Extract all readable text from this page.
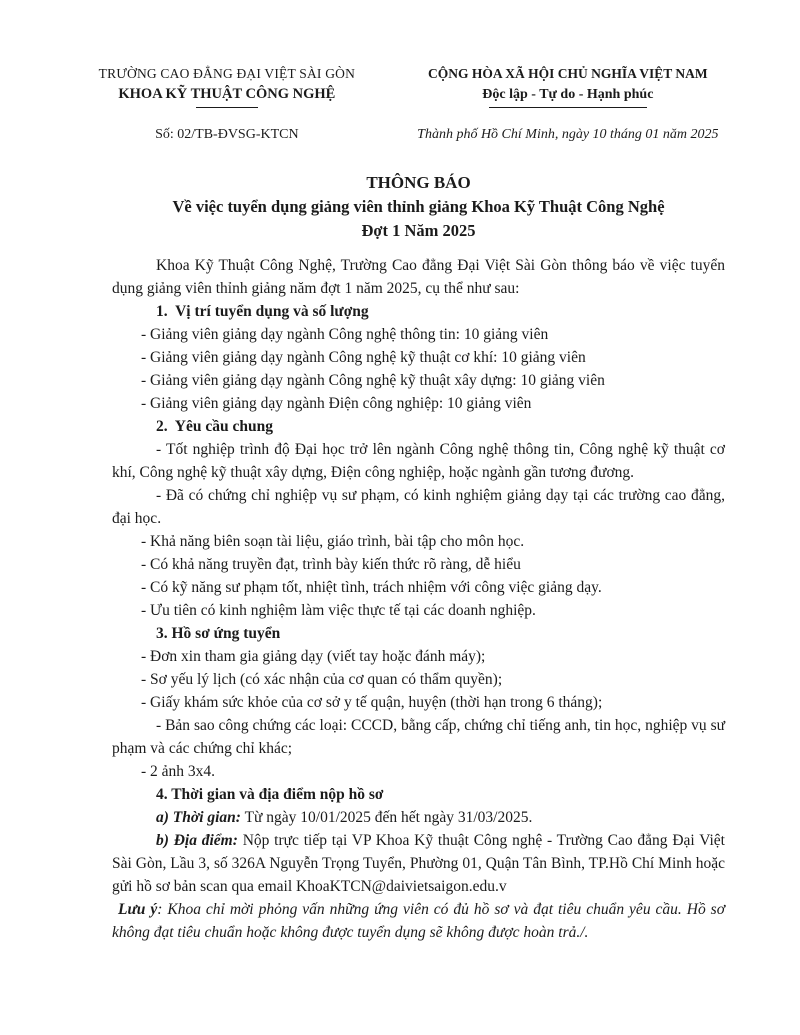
TRƯỜNG CAO ĐẲNG ĐẠI VIỆT SÀI GÒN
KHOA KỸ THUẬT CÔNG NGHỆ
Số: 02/TB-ĐVSG-KTCN
CỘNG HÒA XÃ HỘI CHỦ NGHĨA VIỆT NAM
Độc lập - Tự do - Hạnh phúc
Thành phố Hồ Chí Minh, ngày 10 tháng 01 năm 2025
THÔNG BÁO
Về việc tuyển dụng giảng viên thỉnh giảng Khoa Kỹ Thuật Công Nghệ
Đợt 1 Năm 2025

Khoa Kỹ Thuật Công Nghệ, Trường Cao đẳng Đại Việt Sài Gòn thông báo về việc tuyển dụng giảng viên thỉnh giảng năm đợt 1 năm 2025, cụ thể như sau:

1.  Vị trí tuyển dụng và số lượng

- Giảng viên giảng dạy ngành Công nghệ thông tin: 10 giảng viên

- Giảng viên giảng dạy ngành Công nghệ kỹ thuật cơ khí: 10 giảng viên

- Giảng viên giảng dạy ngành Công nghệ kỹ thuật xây dựng: 10 giảng viên

- Giảng viên giảng dạy ngành Điện công nghiệp: 10 giảng viên

2.  Yêu cầu chung

- Tốt nghiệp trình độ Đại học trở lên ngành Công nghệ thông tin, Công nghệ kỹ thuật cơ khí, Công nghệ kỹ thuật xây dựng, Điện công nghiệp, hoặc ngành gần tương đương.

- Đã có chứng chỉ nghiệp vụ sư phạm, có kinh nghiệm giảng dạy tại các trường cao đẳng, đại học.

- Khả năng biên soạn tài liệu, giáo trình, bài tập cho môn học.

- Có khả năng truyền đạt, trình bày kiến thức rõ ràng, dễ hiểu

- Có kỹ năng sư phạm tốt, nhiệt tình, trách nhiệm với công việc giảng dạy.

- Ưu tiên có kinh nghiệm làm việc thực tế tại các doanh nghiệp.

3. Hồ sơ ứng tuyển

- Đơn xin tham gia giảng dạy (viết tay hoặc đánh máy);

- Sơ yếu lý lịch (có xác nhận của cơ quan có thẩm quyền);

- Giấy khám sức khỏe của cơ sở y tế quận, huyện (thời hạn trong 6 tháng);

- Bản sao công chứng các loại: CCCD, bằng cấp, chứng chỉ tiếng anh, tin học, nghiệp vụ sư phạm và các chứng chỉ khác;

- 2 ảnh 3x4.

4. Thời gian và địa điểm nộp hồ sơ

a) Thời gian: Từ ngày 10/01/2025 đến hết ngày 31/03/2025.

b) Địa điểm: Nộp trực tiếp tại VP Khoa Kỹ thuật Công nghệ - Trường Cao đẳng Đại Việt Sài Gòn, Lầu 3, số 326A Nguyễn Trọng Tuyển, Phường 01, Quận Tân Bình, TP.Hồ Chí Minh hoặc gửi hồ sơ bản scan qua email KhoaKTCN@daivietsaigon.edu.v

Lưu ý: Khoa chỉ mời phỏng vấn những ứng viên có đủ hồ sơ và đạt tiêu chuẩn yêu cầu. Hồ sơ không đạt tiêu chuẩn hoặc không được tuyển dụng sẽ không được hoàn trả./.
